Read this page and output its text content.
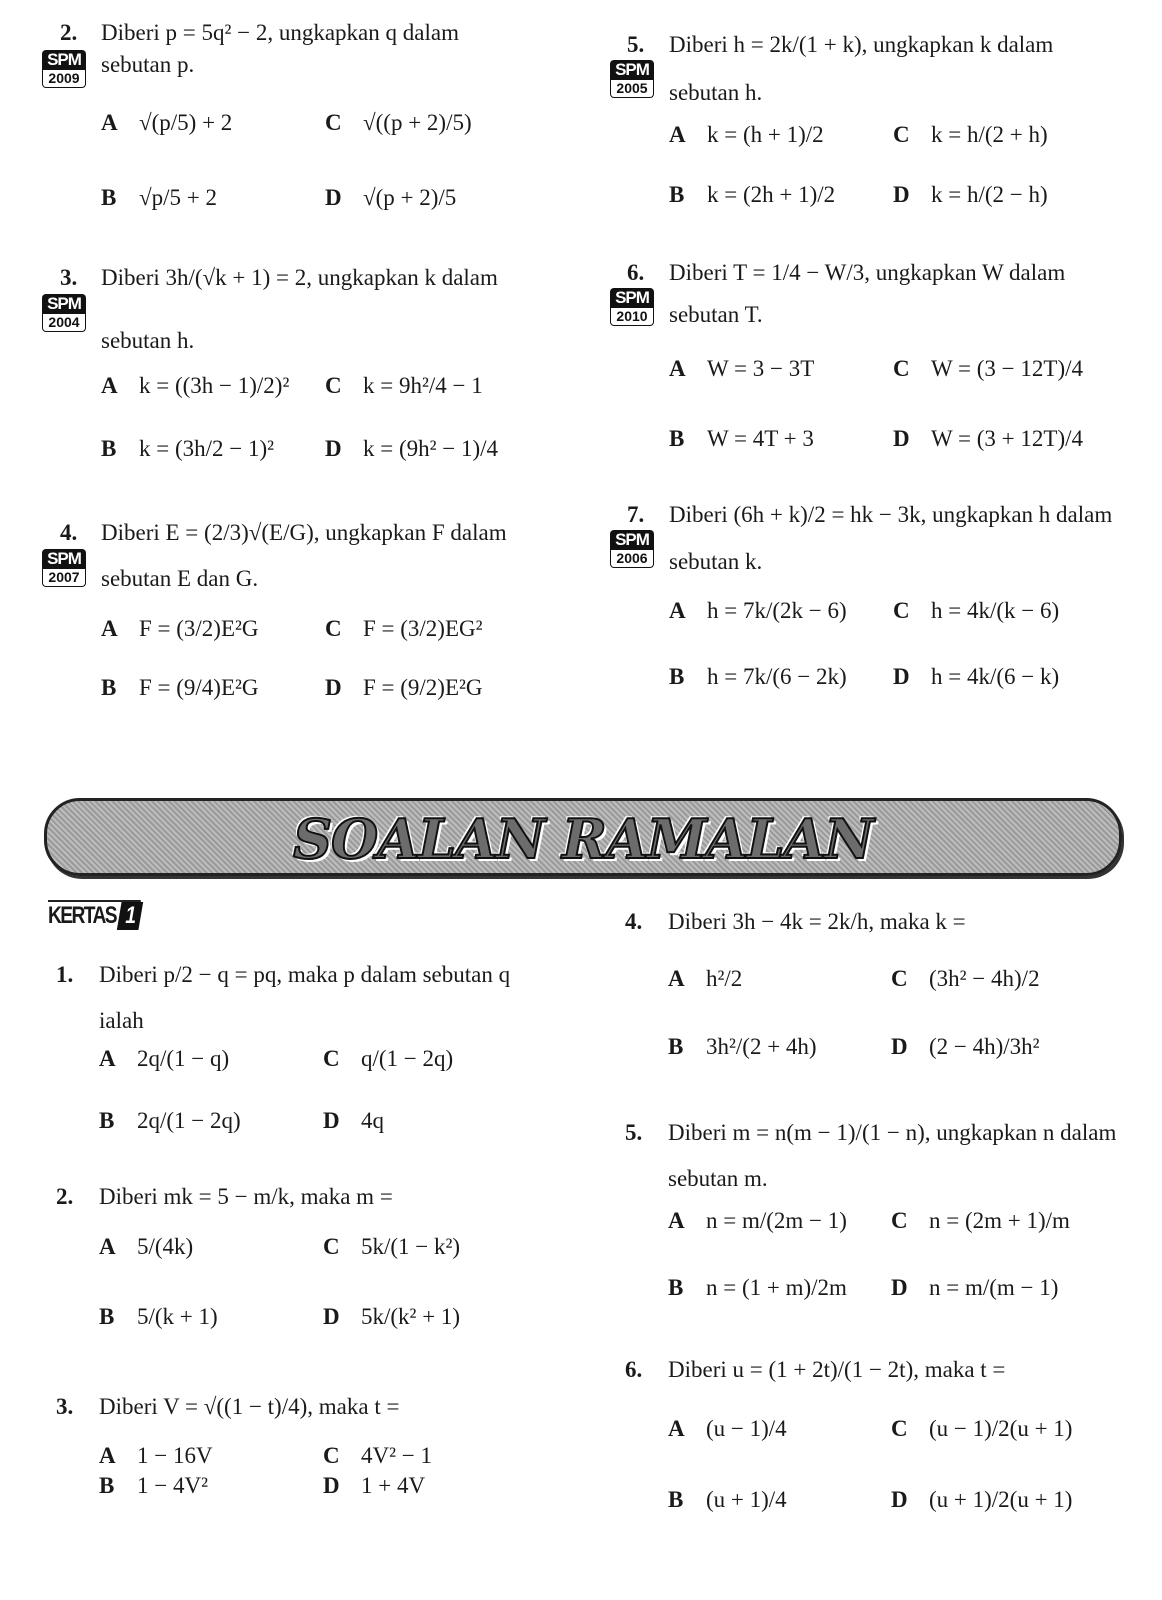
2.
SPM
2009
Diberi p = 5q² − 2, ungkapkan q dalam
sebutan p.
A √(p/5) + 2	C √((p + 2)/5)
B √p/5 + 2	D √(p + 2)/5
3.
SPM
2004
Diberi 3h/(√k + 1) = 2, ungkapkan k dalam
sebutan h.
A k = ((3h − 1)/2)² C k = 9h²/4 − 1
B k = (3h/2 − 1)² D k = (9h² − 1)/4
4.
SPM
2007
Diberi E = (2/3)√(E/G), ungkapkan F dalam
sebutan E dan G.
A F = (3/2)E²G	C F = (3/2)EG²
B F = (9/4)E²G	D F = (9/2)E²G
5.
SPM
2005
Diberi h = 2k/(1 + k), ungkapkan k dalam
sebutan h.
A k = (h + 1)/2	C k = h/(2 + h)
B k = (2h + 1)/2	D k = h/(2 − h)
6.
SPM
2010
Diberi T = 1/4 − W/3, ungkapkan W dalam
sebutan T.
A W = 3 − 3T	C W = (3 − 12T)/4
B W = 4T + 3	D W = (3 + 12T)/4
7.
SPM
2006
Diberi (6h + k)/2 = hk − 3k, ungkapkan h dalam
sebutan k.
A h = 7k/(2k − 6) C h = 4k/(k − 6)
B h = 7k/(6 − 2k) D h = 4k/(6 − k)
SOALAN RAMALAN
KERTAS 1
1. Diberi p/2 − q = pq, maka p dalam sebutan q
ialah
A 2q/(1 − q)	C q/(1 − 2q)
B 2q/(1 − 2q)	D 4q
2. Diberi mk = 5 − m/k, maka m =
A 5/(4k)	C 5k/(1 − k²)
B 5/(k + 1)	D 5k/(k² + 1)
3. Diberi V = √((1 − t)/4), maka t =
A 1 − 16V	C 4V² − 1
B 1 − 4V²	D 1 + 4V
4. Diberi 3h − 4k = 2k/h, maka k =
A h²/2	C (3h² − 4h)/2
B 3h²/(2 + 4h)	D (2 − 4h)/3h²
5. Diberi m = n(m − 1)/(1 − n), ungkapkan n dalam
sebutan m.
A n = m/(2m − 1) C n = (2m + 1)/m
B n = (1 + m)/2m D n = m/(m − 1)
6. Diberi u = (1 + 2t)/(1 − 2t), maka t =
A (u − 1)/4	C (u − 1)/2(u + 1)
B (u + 1)/4	D (u + 1)/2(u + 1)
